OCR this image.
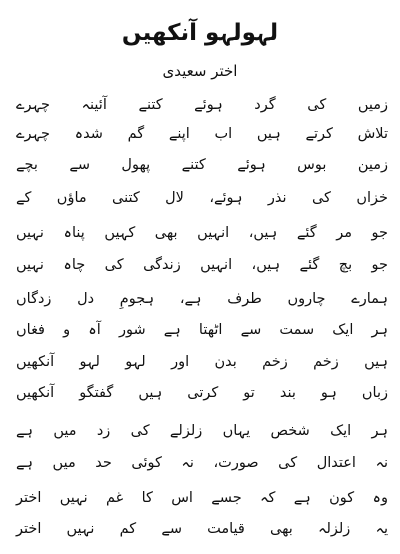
لہولہو آنکھیں
اختر سعیدی
زمیں کی گرد ہوئے کتنے آئینہ چہرے
تلاش کرتے ہیں اب اپنے گم شدہ چہرے
زمین بوس ہوئے کتنے پھول سے بچے
خزاں کی نذر ہوئے، لال کتنی ماؤں کے
جو مر گئے ہیں، انہیں بھی کہیں پناہ نہیں
جو بچ گئے ہیں، انہیں زندگی کی چاہ نہیں
ہمارے چاروں طرف ہے، ہجومِ دل زدگاں
ہر ایک سمت سے اٹھتا ہے شور آہ و فغاں
ہیں زخم زخم بدن اور لہو لہو آنکھیں
زباں ہو بند تو کرتی ہیں گفتگو آنکھیں
ہر ایک شخص یہاں زلزلے کی زد میں ہے
نہ اعتدال کی صورت، نہ کوئی حد میں ہے
وہ کون ہے کہ جسے اس کا غم نہیں اختر
یہ زلزلہ بھی قیامت سے کم نہیں اختر
